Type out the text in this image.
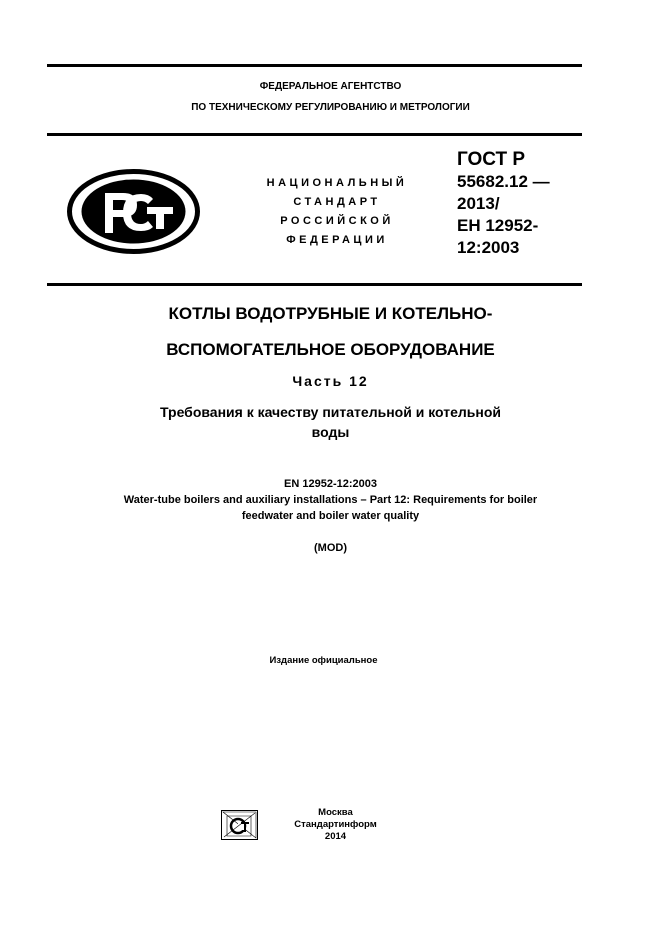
ФЕДЕРАЛЬНОЕ АГЕНТСТВО
ПО ТЕХНИЧЕСКОМУ РЕГУЛИРОВАНИЮ И МЕТРОЛОГИИ
НАЦИОНАЛЬНЫЙ
СТАНДАРТ
РОССИЙСКОЙ
ФЕДЕРАЦИИ
ГОСТ Р
55682.12 —
2013/
ЕН 12952-
12:2003
КОТЛЫ ВОДОТРУБНЫЕ И КОТЕЛЬНО-
ВСПОМОГАТЕЛЬНОЕ ОБОРУДОВАНИЕ
Часть 12
Требования к качеству питательной и котельной
воды
EN 12952-12:2003
Water-tube boilers and auxiliary installations – Part 12: Requirements for boiler
feedwater and boiler water quality
(MOD)
Издание официальное
Москва
Стандартинформ
2014
